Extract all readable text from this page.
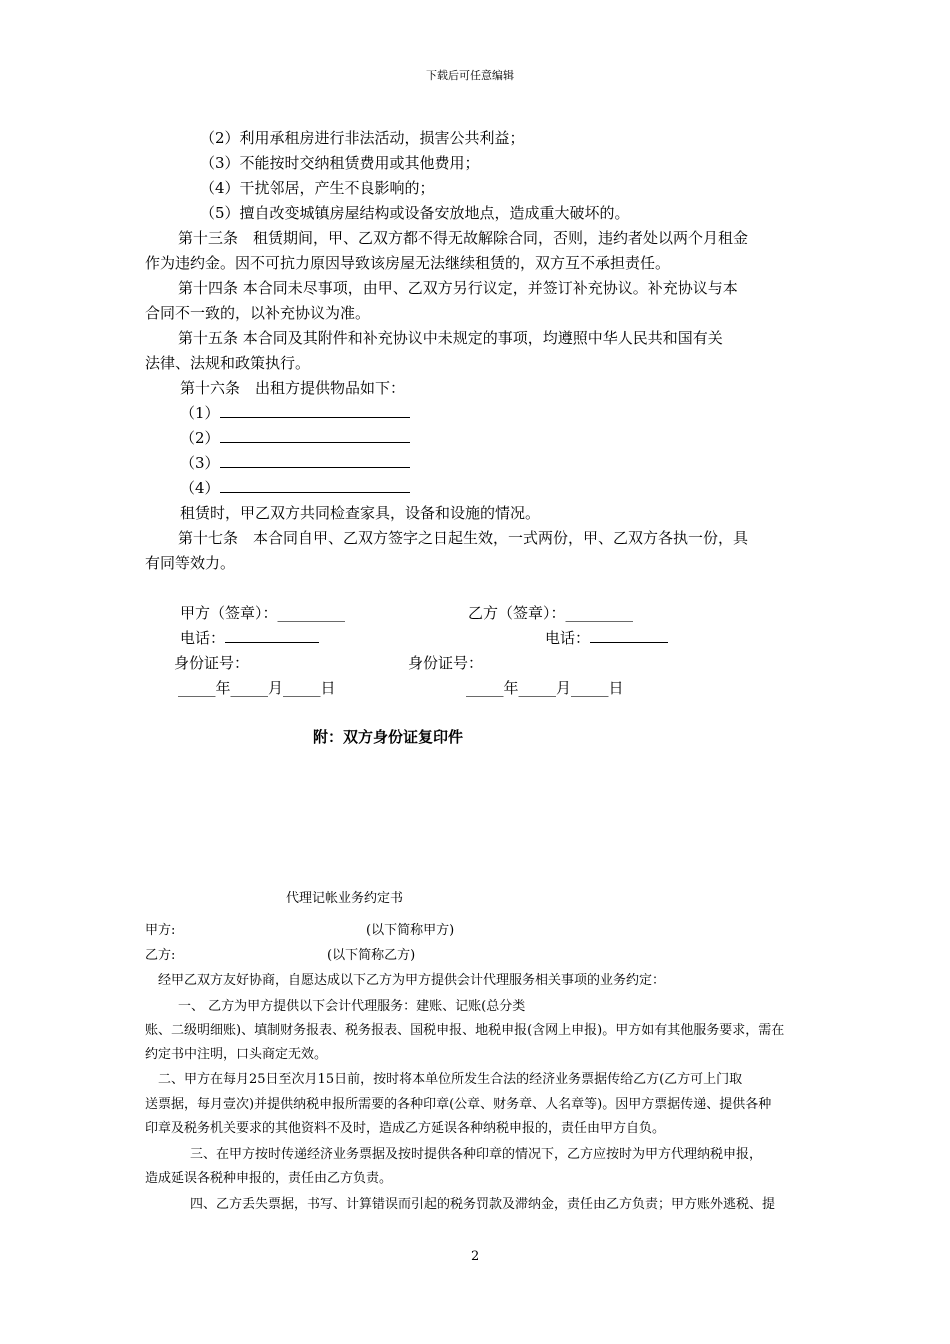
下载后可任意编辑
（2）利用承租房进行非法活动，损害公共利益；
（3）不能按时交纳租赁费用或其他费用；
（4）干扰邻居，产生不良影响的；
（5）擅自改变城镇房屋结构或设备安放地点，造成重大破坏的。
第十三条　租赁期间，甲、乙双方都不得无故解除合同，否则，违约者处以两个月租金
作为违约金。因不可抗力原因导致该房屋无法继续租赁的，双方互不承担责任。
第十四条 本合同未尽事项，由甲、乙双方另行议定，并签订补充协议。补充协议与本
合同不一致的，以补充协议为准。
第十五条 本合同及其附件和补充协议中未规定的事项，均遵照中华人民共和国有关
法律、法规和政策执行。
第十六条　出租方提供物品如下：
（1）
（2）
（3）
（4）
租赁时，甲乙双方共同检查家具，设备和设施的情况。
第十七条　本合同自甲、乙双方签字之日起生效，一式两份，甲、乙双方各执一份，具
有同等效力。
甲方（签章）：_________	乙方（签章）：_________
电话：	电话：
身份证号：	身份证号：
_____年_____月_____日	_____年_____月_____日
附：双方身份证复印件
代理记帐业务约定书
甲方:	(以下简称甲方)
乙方:	(以下简称乙方)
经甲乙双方友好协商，自愿达成以下乙方为甲方提供会计代理服务相关事项的业务约定：
一、 乙方为甲方提供以下会计代理服务：建账、记账(总分类
账、二级明细账)、填制财务报表、税务报表、国税申报、地税申报(含网上申报)。甲方如有其他服务要求，需在
约定书中注明，口头商定无效。
二、甲方在每月25日至次月15日前，按时将本单位所发生合法的经济业务票据传给乙方(乙方可上门取
送票据，每月壹次)并提供纳税申报所需要的各种印章(公章、财务章、人名章等)。因甲方票据传递、提供各种
印章及税务机关要求的其他资料不及时，造成乙方延误各种纳税申报的，责任由甲方自负。
三、在甲方按时传递经济业务票据及按时提供各种印章的情况下，乙方应按时为甲方代理纳税申报，
造成延误各税种申报的，责任由乙方负责。
四、乙方丢失票据，书写、计算错误而引起的税务罚款及滞纳金，责任由乙方负责；甲方账外逃税、提
2
